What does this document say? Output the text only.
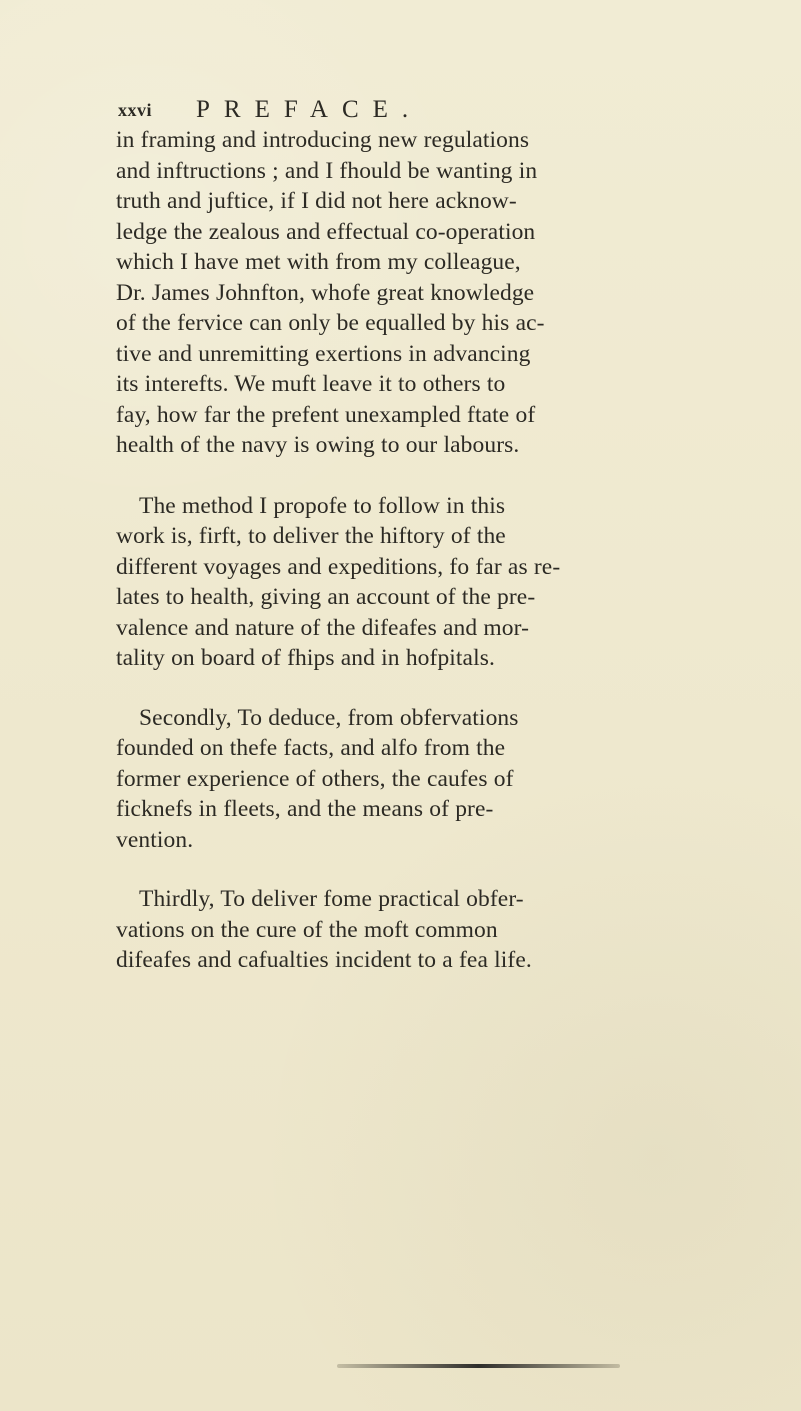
xxvi PREFACE.

in framing and introducing new regulations
and inftructions ; and I fhould be wanting in
truth and juftice, if I did not here acknow-
ledge the zealous and effectual co-operation
which I have met with from my colleague,
Dr. James Johnfton, whofe great knowledge
of the fervice can only be equalled by his ac-
tive and unremitting exertions in advancing
its interefts. We muft leave it to others to
fay, how far the prefent unexampled ftate of
health of the navy is owing to our labours.

The method I propofe to follow in this
work is, firft, to deliver the hiftory of the
different voyages and expeditions, fo far as re-
lates to health, giving an account of the pre-
valence and nature of the difeafes and mor-
tality on board of fhips and in hofpitals.

Secondly, To deduce, from obfervations
founded on thefe facts, and alfo from the
former experience of others, the caufes of
ficknefs in fleets, and the means of pre-
vention.

Thirdly, To deliver fome practical obfer-
vations on the cure of the moft common
difeafes and cafualties incident to a fea life.
